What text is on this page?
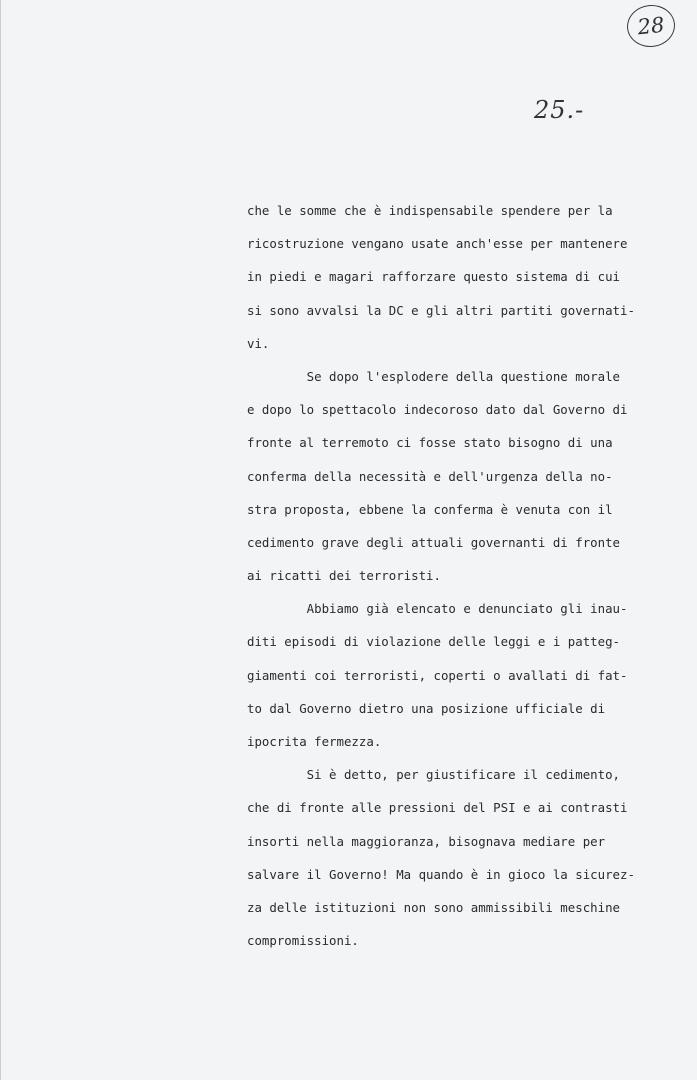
28
25.-
che le somme che è indispensabile spendere per la
ricostruzione vengano usate anch'esse per mantenere
in piedi e magari rafforzare questo sistema di cui
si sono avvalsi la DC e gli altri partiti governati-
vi.
Se dopo l'esplodere della questione morale
e dopo lo spettacolo indecoroso dato dal Governo di
fronte al terremoto ci fosse stato bisogno di una
conferma della necessità e dell'urgenza della no-
stra proposta, ebbene la conferma è venuta con il
cedimento grave degli attuali governanti di fronte
ai ricatti dei terroristi.
Abbiamo già elencato e denunciato gli inau-
diti episodi di violazione delle leggi e i patteg-
giamenti coi terroristi, coperti o avallati di fat-
to dal Governo dietro una posizione ufficiale di
ipocrita fermezza.
Si è detto, per giustificare il cedimento,
che di fronte alle pressioni del PSI e ai contrasti
insorti nella maggioranza, bisognava mediare per
salvare il Governo! Ma quando è in gioco la sicurez-
za delle istituzioni non sono ammissibili meschine
compromissioni.
